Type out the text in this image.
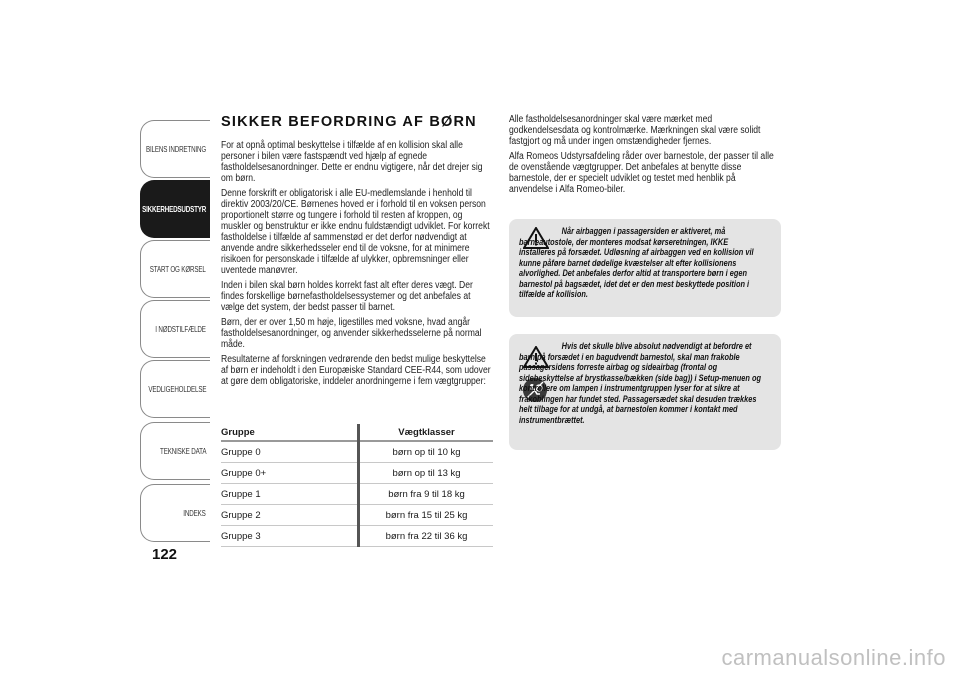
BILENS INDRETNING
SIKKERHEDSUDSTYR
START OG KØRSEL
I NØDSTILFÆLDE
VEDLIGEHOLDELSE
TEKNISKE DATA
INDEKS
122
SIKKER BEFORDRING AF BØRN

For at opnå optimal beskyttelse i tilfælde af en kollision skal alle personer i bilen være fastspændt ved hjælp af egnede fastholdelsesanordninger. Dette er endnu vigtigere, når det drejer sig om børn.

Denne forskrift er obligatorisk i alle EU-medlemslande i henhold til direktiv 2003/20/CE. Børnenes hoved er i forhold til en voksen person proportionelt større og tungere i forhold til resten af kroppen, og muskler og benstruktur er ikke endnu fuldstændigt udviklet. For korrekt fastholdelse i tilfælde af sammenstød er det derfor nødvendigt at anvende andre sikkerhedsseler end til de voksne, for at minimere risikoen for personskade i tilfælde af ulykker, opbremsninger eller uventede manøvrer.

Inden i bilen skal børn holdes korrekt fast alt efter deres vægt. Der findes forskellige børnefastholdelsessystemer og det anbefales at vælge det system, der bedst passer til barnet.

Børn, der er over 1,50 m høje, ligestilles med voksne, hvad angår fastholdelsesanordninger, og anvender sikkerhedsselerne på normal måde.

Resultaterne af forskningen vedrørende den bedst mulige beskyttelse af børn er indeholdt i den Europæiske Standard CEE-R44, som udover at gøre dem obligatoriske, inddeler anordningerne i fem vægtgrupper:

Gruppe	Vægtklasser
Gruppe 0	børn op til 10 kg
Gruppe 0+	børn op til 13 kg
Gruppe 1	børn fra 9 til 18 kg
Gruppe 2	børn fra 15 til 25 kg
Gruppe 3	børn fra 22 til 36 kg

Alle fastholdelsesanordninger skal være mærket med godkendelsesdata og kontrolmærke. Mærkningen skal være solidt fastgjort og må under ingen omstændigheder fjernes.

Alfa Romeos Udstyrsafdeling råder over barnestole, der passer til alle de ovenstående vægtgrupper. Det anbefales at benytte disse barnestole, der er specielt udviklet og testet med henblik på anvendelse i Alfa Romeo-biler.

Når airbaggen i passagersiden er aktiveret, må barneautostole, der monteres modsat kørseretningen, IKKE installeres på forsædet. Udløsning af airbaggen ved en kollision vil kunne påføre barnet dødelige kvæstelser alt efter kollisionens alvorlighed. Det anbefales derfor altid at transportere børn i egen barnestol på bagsædet, idet det er den mest beskyttede position i tilfælde af kollision.
Hvis det skulle blive absolut nødvendigt at befordre et barn på forsædet i en bagudvendt barnestol, skal man frakoble passagersidens forreste airbag og sideairbag (frontal og sidebeskyttelse af brystkasse/bækken (side bag)) i Setup-menuen og kontrollere om lampen i instrumentgruppen lyser for at sikre at frakoblingen har fundet sted. Passagersædet skal desuden trækkes helt tilbage for at undgå, at barnestolen kommer i kontakt med instrumentbrættet.
carmanualsonline.info
